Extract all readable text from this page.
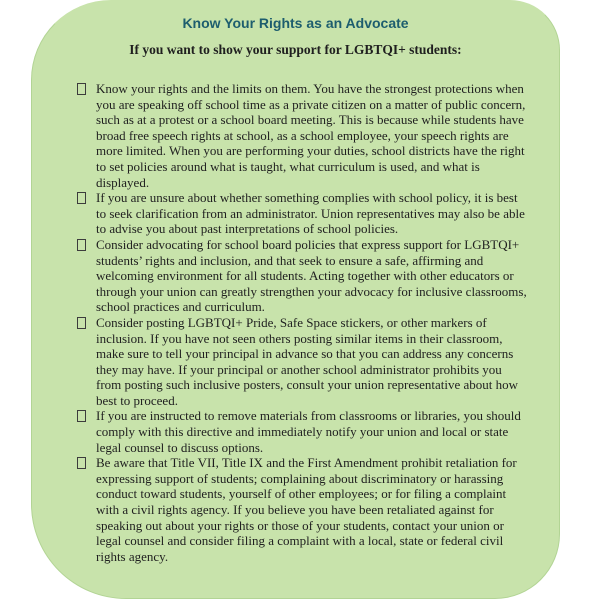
Know Your Rights as an Advocate
If you want to show your support for LGBTQI+ students:
Know your rights and the limits on them. You have the strongest protections when you are speaking off school time as a private citizen on a matter of public concern, such as at a protest or a school board meeting. This is because while students have broad free speech rights at school, as a school employee, your speech rights are more limited. When you are performing your duties, school districts have the right to set policies around what is taught, what curriculum is used, and what is displayed.
If you are unsure about whether something complies with school policy, it is best to seek clarification from an administrator. Union representatives may also be able to advise you about past interpretations of school policies.
Consider advocating for school board policies that express support for LGBTQI+ students’ rights and inclusion, and that seek to ensure a safe, affirming and welcoming environment for all students. Acting together with other educators or through your union can greatly strengthen your advocacy for inclusive classrooms, school practices and curriculum.
Consider posting LGBTQI+ Pride, Safe Space stickers, or other markers of inclusion. If you have not seen others posting similar items in their classroom, make sure to tell your principal in advance so that you can address any concerns they may have. If your principal or another school administrator prohibits you from posting such inclusive posters, consult your union representative about how best to proceed.
If you are instructed to remove materials from classrooms or libraries, you should comply with this directive and immediately notify your union and local or state legal counsel to discuss options.
Be aware that Title VII, Title IX and the First Amendment prohibit retaliation for expressing support of students; complaining about discriminatory or harassing conduct toward students, yourself of other employees; or for filing a complaint with a civil rights agency. If you believe you have been retaliated against for speaking out about your rights or those of your students, contact your union or legal counsel and consider filing a complaint with a local, state or federal civil rights agency.
